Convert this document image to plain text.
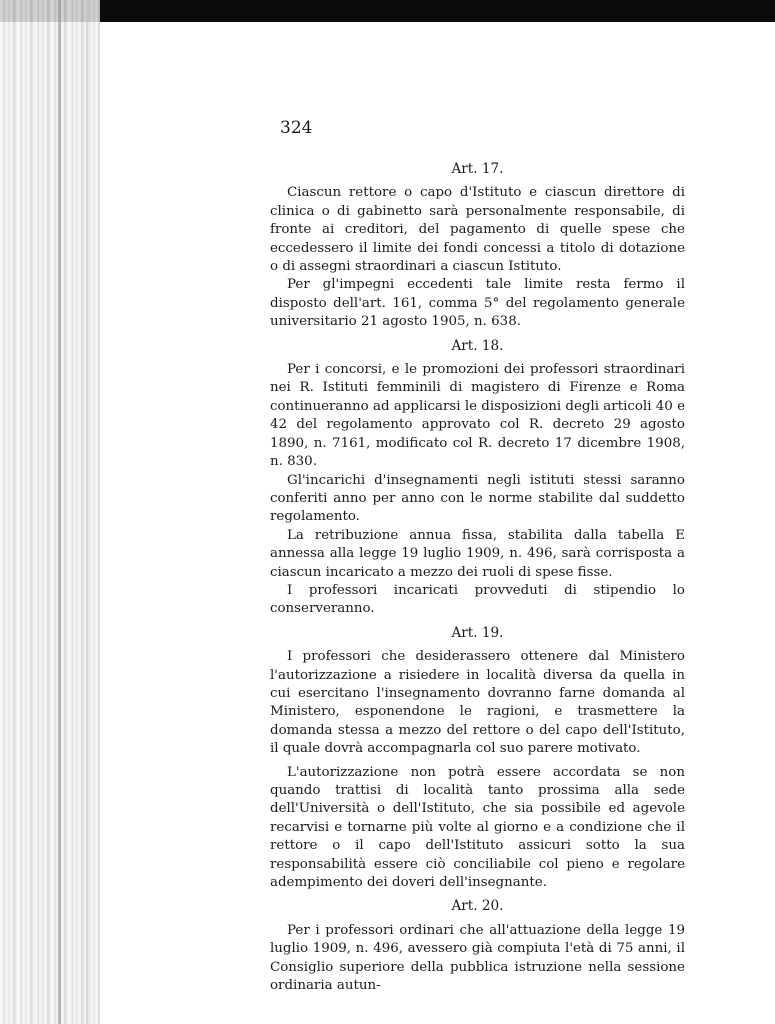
324

Art. 17.

Ciascun rettore o capo d'Istituto e ciascun direttore di clinica o di gabinetto sarà personalmente responsabile, di fronte ai creditori, del pagamento di quelle spese che eccedessero il limite dei fondi concessi a titolo di dotazione o di assegni straordinari a ciascun Istituto.

Per gl'impegni eccedenti tale limite resta fermo il disposto dell'art. 161, comma 5° del regolamento generale universitario 21 agosto 1905, n. 638.

Art. 18.

Per i concorsi, e le promozioni dei professori straordinari nei R. Istituti femminili di magistero di Firenze e Roma continueranno ad applicarsi le disposizioni degli articoli 40 e 42 del regolamento approvato col R. decreto 29 agosto 1890, n. 7161, modificato col R. decreto 17 dicembre 1908, n. 830.

Gl'incarichi d'insegnamenti negli istituti stessi saranno conferiti anno per anno con le norme stabilite dal suddetto regolamento.

La retribuzione annua fissa, stabilita dalla tabella E annessa alla legge 19 luglio 1909, n. 496, sarà corrisposta a ciascun incaricato a mezzo dei ruoli di spese fisse.

I professori incaricati provveduti di stipendio lo conserveranno.

Art. 19.

I professori che desiderassero ottenere dal Ministero l'autorizzazione a risiedere in località diversa da quella in cui esercitano l'insegnamento dovranno farne domanda al Ministero, esponendone le ragioni, e trasmettere la domanda stessa a mezzo del rettore o del capo dell'Istituto, il quale dovrà accompagnarla col suo parere motivato.

L'autorizzazione non potrà essere accordata se non quando trattisi di località tanto prossima alla sede dell'Università o dell'Istituto, che sia possibile ed agevole recarvisi e tornarne più volte al giorno e a condizione che il rettore o il capo dell'Istituto assicuri sotto la sua responsabilità essere ciò conciliabile col pieno e regolare adempimento dei doveri dell'insegnante.

Art. 20.

Per i professori ordinari che all'attuazione della legge 19 luglio 1909, n. 496, avessero già compiuta l'età di 75 anni, il Consiglio superiore della pubblica istruzione nella sessione ordinaria autun-
